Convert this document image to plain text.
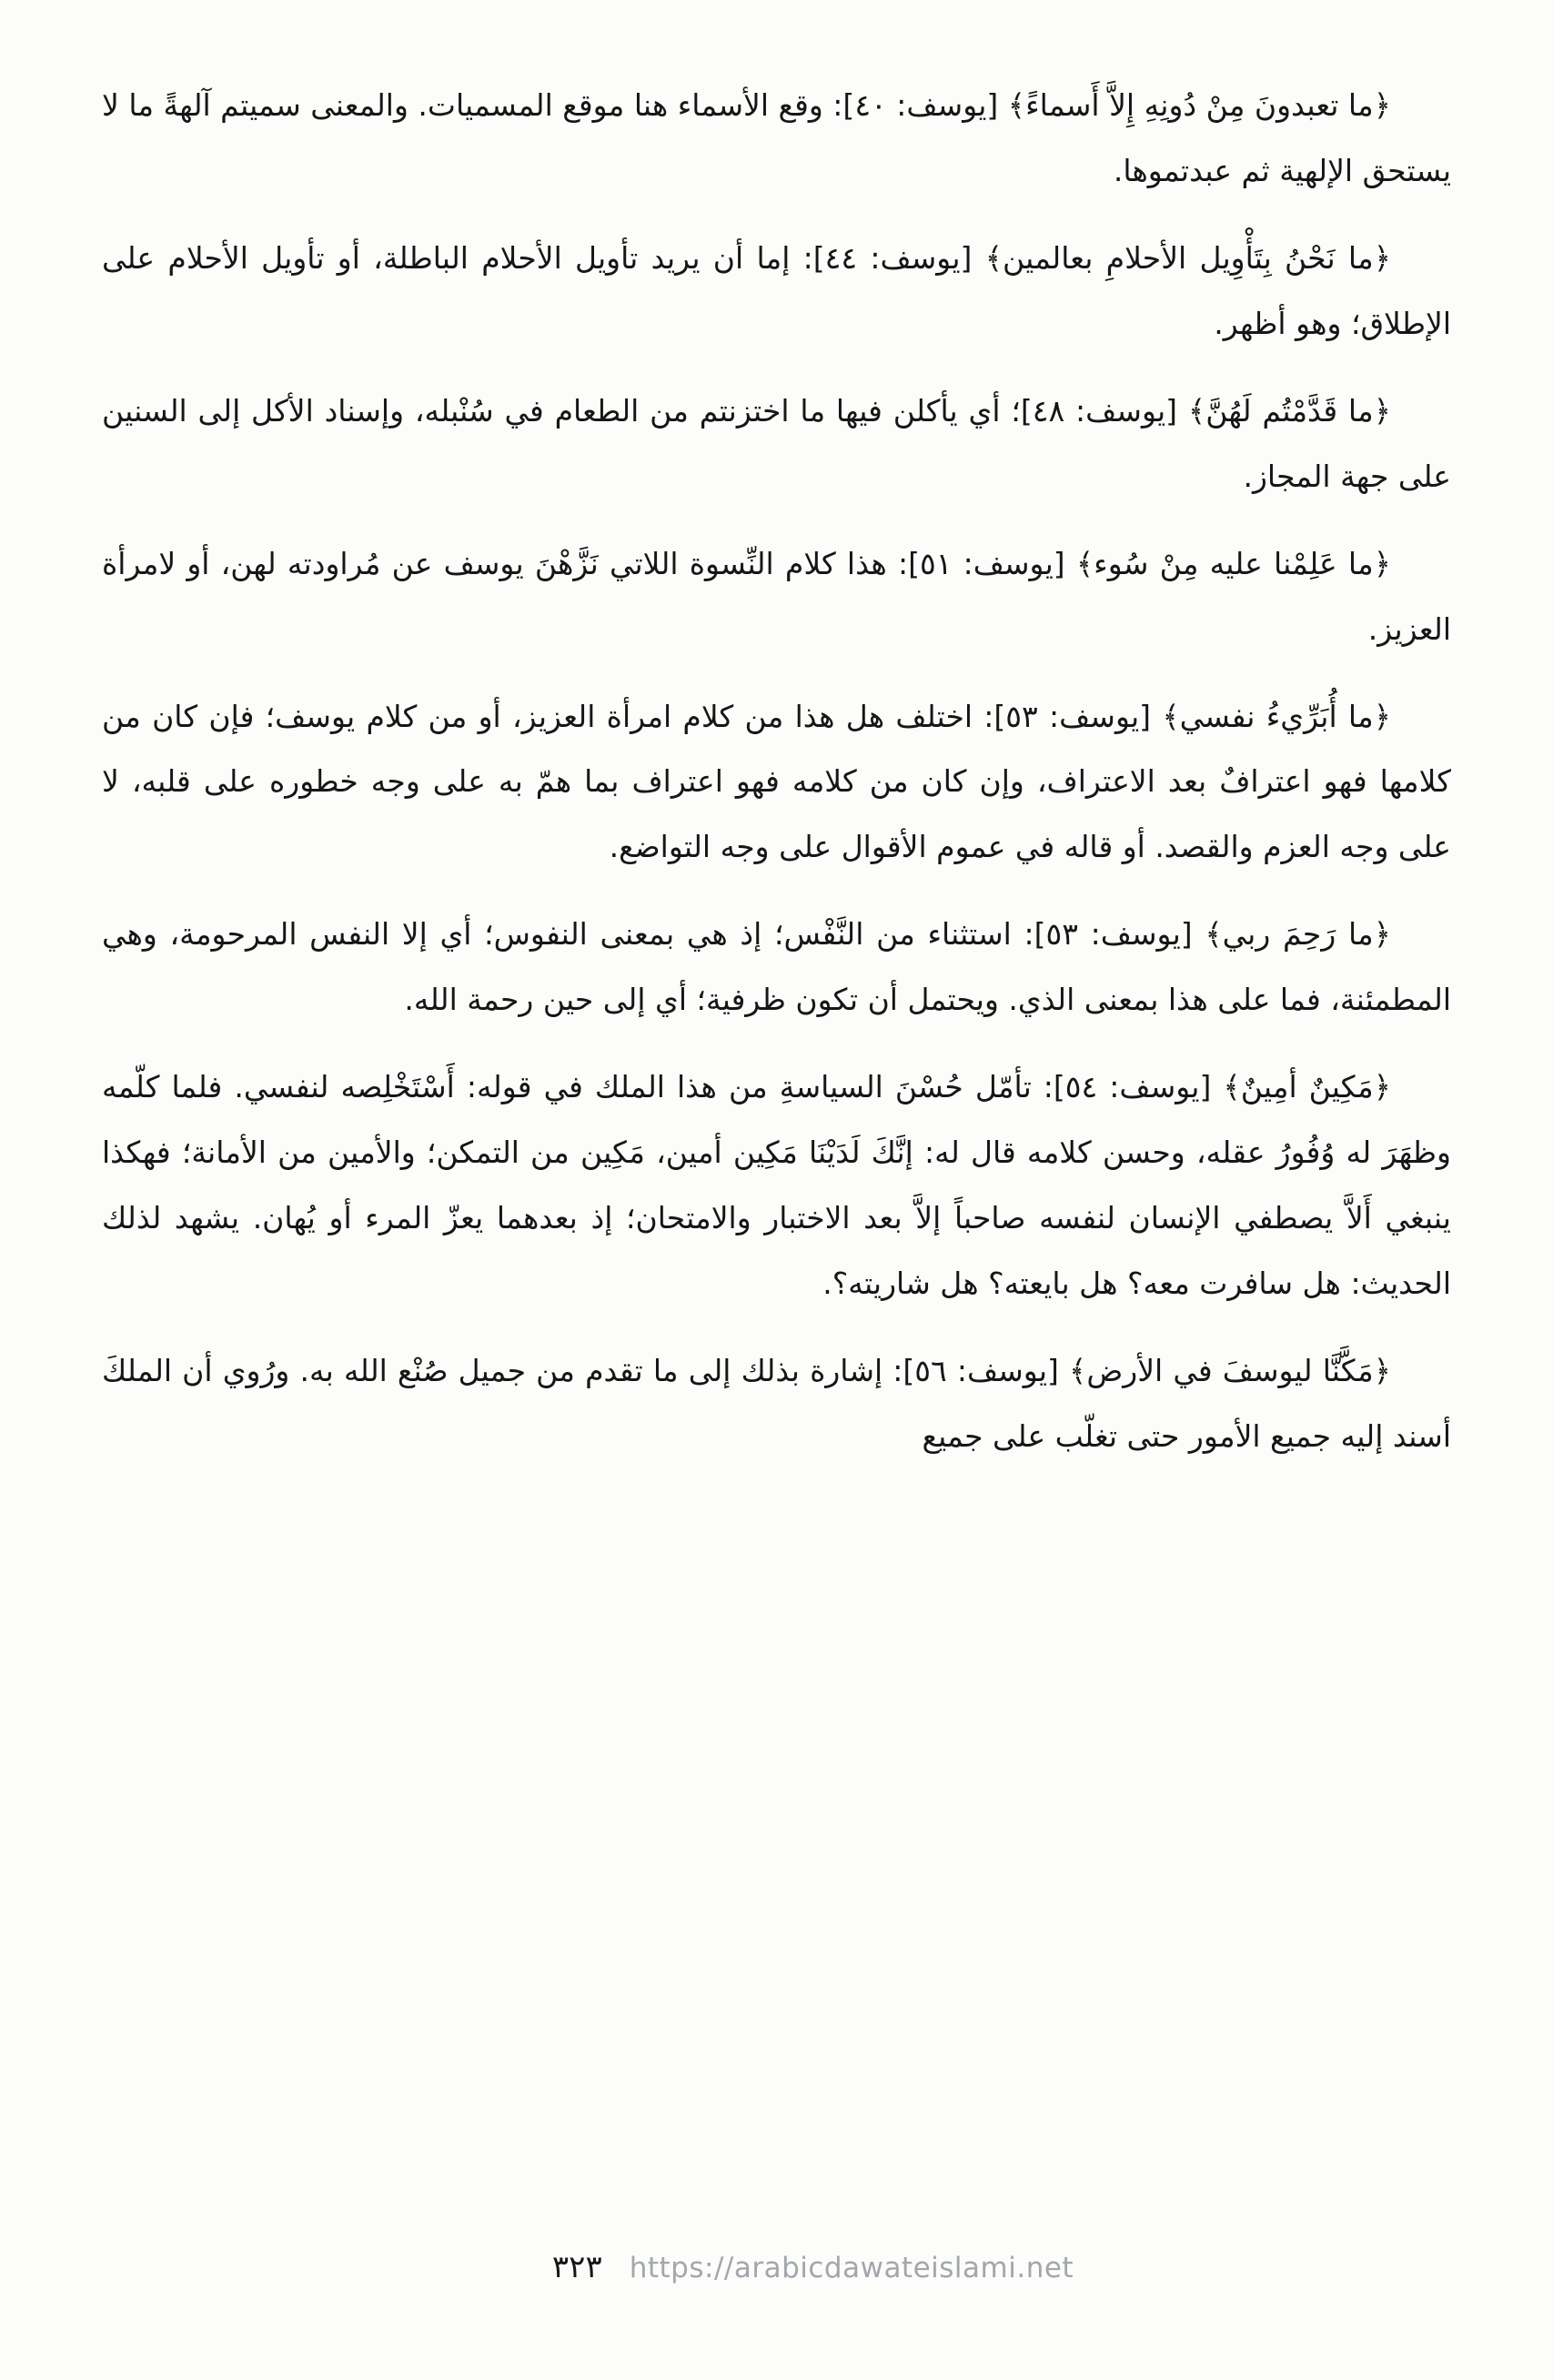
﴿ما تعبدونَ مِنْ دُونِهِ إِلاَّ أَسماءً﴾ [يوسف: ٤٠]: وقع الأسماء هنا موقع المسميات. والمعنى سميتم آلهةً ما لا يستحق الإلهية ثم عبدتموها.

﴿ما نَحْنُ بِتَأْوِيل الأحلامِ بعالمين﴾ [يوسف: ٤٤]: إما أن يريد تأويل الأحلام الباطلة، أو تأويل الأحلام على الإطلاق؛ وهو أظهر.

﴿ما قَدَّمْتُم لَهُنَّ﴾ [يوسف: ٤٨]؛ أي يأكلن فيها ما اختزنتم من الطعام في سُنْبله، وإسناد الأكل إلى السنين على جهة المجاز.

﴿ما عَلِمْنا عليه مِنْ سُوء﴾ [يوسف: ٥١]: هذا كلام النِّسوة اللاتي نَزَّهْنَ يوسف عن مُراودته لهن، أو لامرأة العزيز.

﴿ما أُبَرِّيءُ نفسي﴾ [يوسف: ٥٣]: اختلف هل هذا من كلام امرأة العزيز، أو من كلام يوسف؛ فإن كان من كلامها فهو اعترافٌ بعد الاعتراف، وإن كان من كلامه فهو اعتراف بما همّ به على وجه خطوره على قلبه، لا على وجه العزم والقصد. أو قاله في عموم الأقوال على وجه التواضع.

﴿ما رَحِمَ ربي﴾ [يوسف: ٥٣]: استثناء من النَّفْس؛ إذ هي بمعنى النفوس؛ أي إلا النفس المرحومة، وهي المطمئنة، فما على هذا بمعنى الذي. ويحتمل أن تكون ظرفية؛ أي إلى حين رحمة الله.

﴿مَكِينٌ أمِينٌ﴾ [يوسف: ٥٤]: تأمّل حُسْنَ السياسةِ من هذا الملك في قوله: أَسْتَخْلِصه لنفسي. فلما كلّمه وظهَرَ له وُفُورُ عقله، وحسن كلامه قال له: إنَّكَ لَدَيْنَا مَكِين أمين، مَكِين من التمكن؛ والأمين من الأمانة؛ فهكذا ينبغي أَلاَّ يصطفي الإنسان لنفسه صاحباً إلاَّ بعد الاختبار والامتحان؛ إذ بعدهما يعزّ المرء أو يُهان. يشهد لذلك الحديث: هل سافرت معه؟ هل بايعته؟ هل شاريته؟.

﴿مَكَّنَّا ليوسفَ في الأرض﴾ [يوسف: ٥٦]: إشارة بذلك إلى ما تقدم من جميل صُنْع الله به. ورُوي أن الملكَ أسند إليه جميع الأمور حتى تغلّب على جميع

٣٢٣ https://arabicdawateislami.net
